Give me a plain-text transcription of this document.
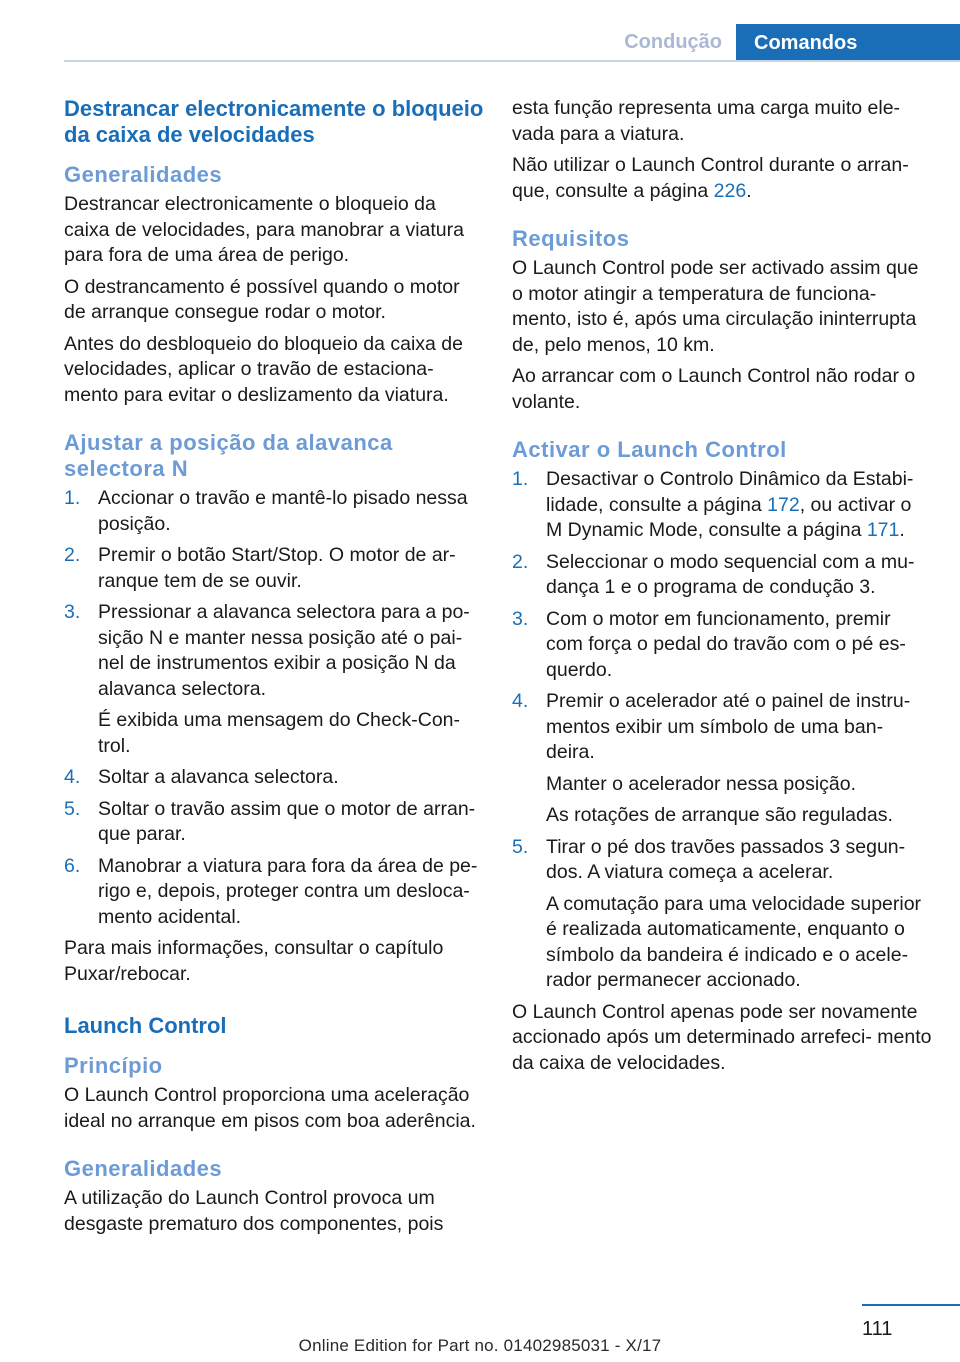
Condução	Comandos
Destrancar electronicamente o bloqueio da caixa de velocidades
Generalidades

Destrancar electronicamente o bloqueio da caixa de velocidades, para manobrar a viatura para fora de uma área de perigo.

O destrancamento é possível quando o motor de arranque consegue rodar o motor.

Antes do desbloqueio do bloqueio da caixa de velocidades, aplicar o travão de estaciona‐ mento para evitar o deslizamento da viatura.

Ajustar a posição da alavanca selectora N
1. Accionar o travão e mantê-lo pisado nessa posição.
2. Premir o botão Start/Stop. O motor de ar‐ ranque tem de se ouvir.
3. Pressionar a alavanca selectora para a po‐ sição N e manter nessa posição até o pai‐ nel de instrumentos exibir a posição N da alavanca selectora.
É exibida uma mensagem do Check-Con‐ trol.
4. Soltar a alavanca selectora.
5. Soltar o travão assim que o motor de arran‐ que parar.
6. Manobrar a viatura para fora da área de pe‐ rigo e, depois, proteger contra um desloca‐ mento acidental.

Para mais informações, consultar o capítulo Puxar/rebocar.

Launch Control
Princípio

O Launch Control proporciona uma aceleração ideal no arranque em pisos com boa aderência.

Generalidades

A utilização do Launch Control provoca um desgaste prematuro dos componentes, pois

esta função representa uma carga muito ele‐ vada para a viatura.

Não utilizar o Launch Control durante o arran‐ que, consulte a página 226.

Requisitos

O Launch Control pode ser activado assim que o motor atingir a temperatura de funciona‐ mento, isto é, após uma circulação ininterrupta de, pelo menos, 10 km.

Ao arrancar com o Launch Control não rodar o volante.

Activar o Launch Control
1. Desactivar o Controlo Dinâmico da Estabi‐ lidade, consulte a página 172, ou activar o M Dynamic Mode, consulte a página 171.
2. Seleccionar o modo sequencial com a mu‐ dança 1 e o programa de condução 3.
3. Com o motor em funcionamento, premir com força o pedal do travão com o pé es‐ querdo.
4. Premir o acelerador até o painel de instru‐ mentos exibir um símbolo de uma ban‐ deira.
Manter o acelerador nessa posição.
As rotações de arranque são reguladas.
5. Tirar o pé dos travões passados 3 segun‐ dos. A viatura começa a acelerar.
A comutação para uma velocidade superior é realizada automaticamente, enquanto o símbolo da bandeira é indicado e o acele‐ rador permanecer accionado.

O Launch Control apenas pode ser novamente accionado após um determinado arrefeci‐ mento da caixa de velocidades.

111
Online Edition for Part no. 01402985031 - X/17
